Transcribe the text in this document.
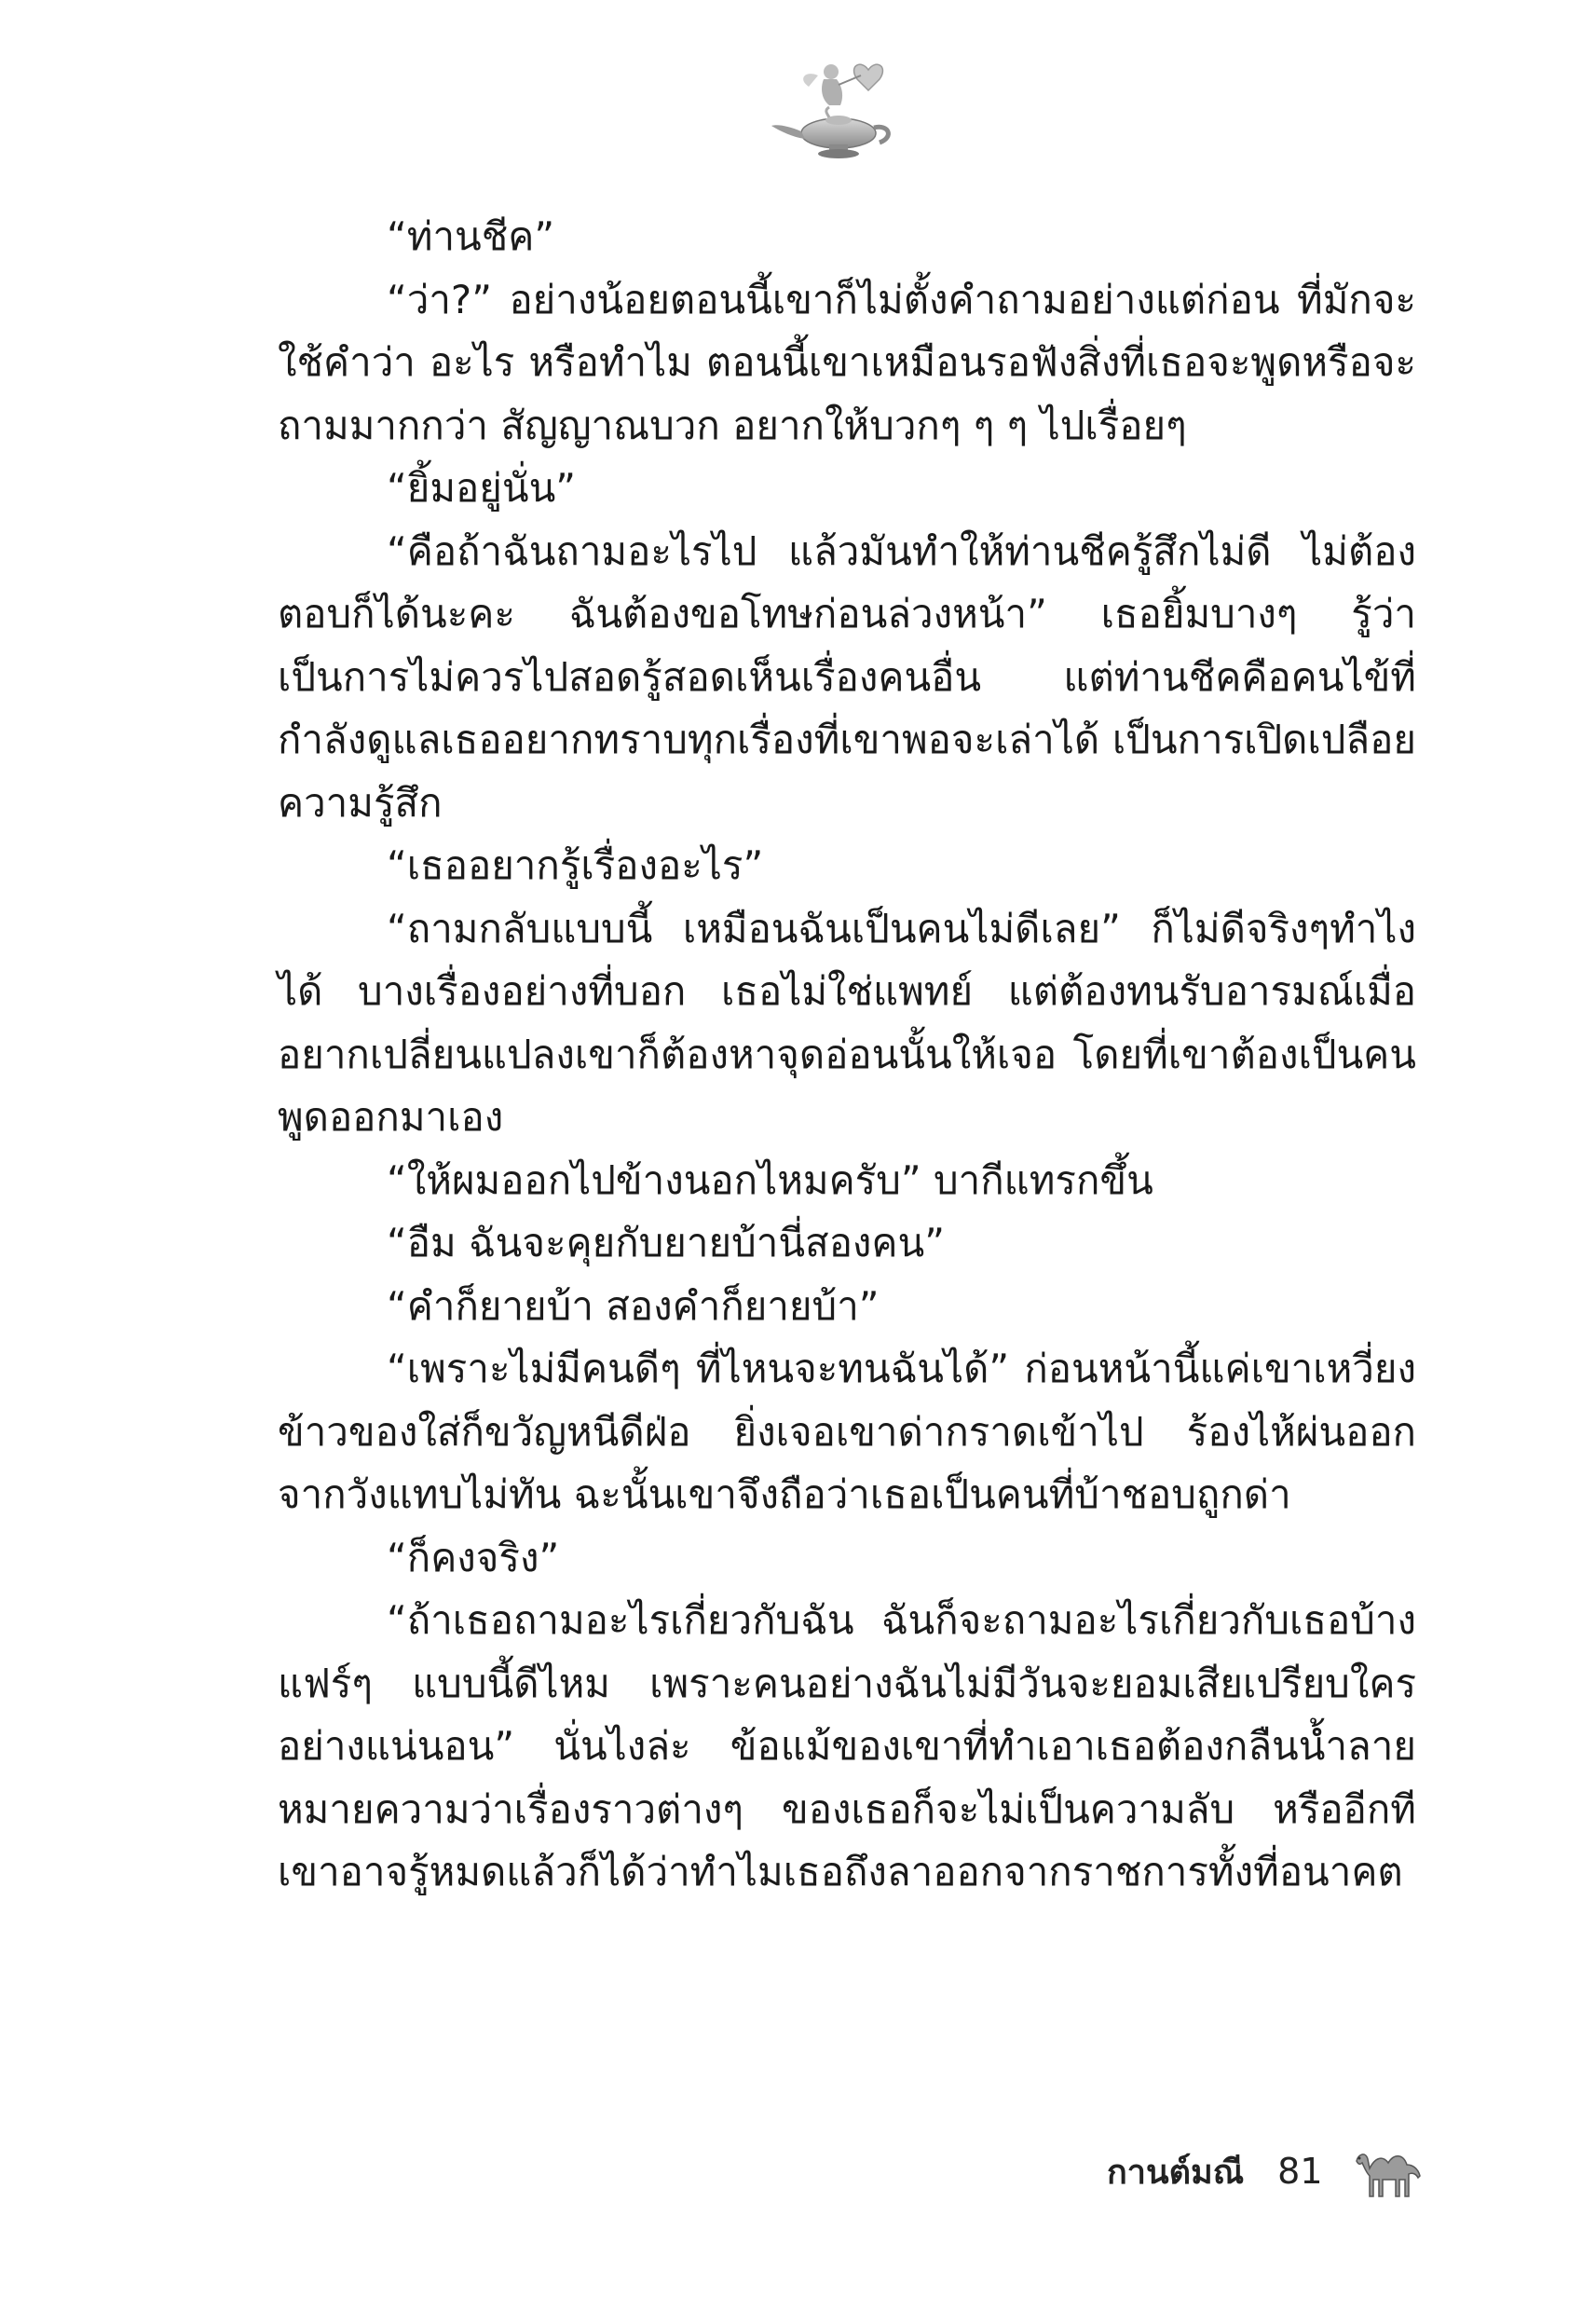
“ท่านชีค”

“ว่า?” อย่างน้อยตอนนี้เขาก็ไม่ตั้งคำถามอย่างแต่ก่อน ที่มักจะใช้คำว่า อะไร หรือทำไม ตอนนี้เขาเหมือนรอฟังสิ่งที่เธอจะพูดหรือจะถามมากกว่า สัญญาณบวก อยากให้บวกๆ ๆ ๆ ไปเรื่อยๆ

“ยิ้มอยู่นั่น”

“คือถ้าฉันถามอะไรไป แล้วมันทำให้ท่านชีครู้สึกไม่ดี ไม่ต้องตอบก็ได้นะคะ ฉันต้องขอโทษก่อนล่วงหน้า” เธอยิ้มบางๆ รู้ว่าเป็นการไม่ควรไปสอดรู้สอดเห็นเรื่องคนอื่น แต่ท่านชีคคือคนไข้ที่กำลังดูแลเธออยากทราบทุกเรื่องที่เขาพอจะเล่าได้ เป็นการเปิดเปลือยความรู้สึก

“เธออยากรู้เรื่องอะไร”

“ถามกลับแบบนี้ เหมือนฉันเป็นคนไม่ดีเลย” ก็ไม่ดีจริงๆทำไงได้ บางเรื่องอย่างที่บอก เธอไม่ใช่แพทย์ แต่ต้องทนรับอารมณ์เมื่ออยากเปลี่ยนแปลงเขาก็ต้องหาจุดอ่อนนั้นให้เจอ โดยที่เขาต้องเป็นคนพูดออกมาเอง

“ให้ผมออกไปข้างนอกไหมครับ” บากีแทรกขึ้น

“อืม ฉันจะคุยกับยายบ้านี่สองคน”

“คำก็ยายบ้า สองคำก็ยายบ้า”

“เพราะไม่มีคนดีๆ ที่ไหนจะทนฉันได้” ก่อนหน้านี้แค่เขาเหวี่ยงข้าวของใส่ก็ขวัญหนีดีฝ่อ ยิ่งเจอเขาด่ากราดเข้าไป ร้องไห้ผ่นออกจากวังแทบไม่ทัน ฉะนั้นเขาจึงถือว่าเธอเป็นคนที่บ้าชอบถูกด่า

“ก็คงจริง”

“ถ้าเธอถามอะไรเกี่ยวกับฉัน ฉันก็จะถามอะไรเกี่ยวกับเธอบ้างแฟร์ๆ แบบนี้ดีไหม เพราะคนอย่างฉันไม่มีวันจะยอมเสียเปรียบใครอย่างแน่นอน” นั่นไงล่ะ ข้อแม้ของเขาที่ทำเอาเธอต้องกลืนน้ำลายหมายความว่าเรื่องราวต่างๆ ของเธอก็จะไม่เป็นความลับ หรืออีกทีเขาอาจรู้หมดแล้วก็ได้ว่าทำไมเธอถึงลาออกจากราชการทั้งที่อนาคต

กานต์มณี 81
